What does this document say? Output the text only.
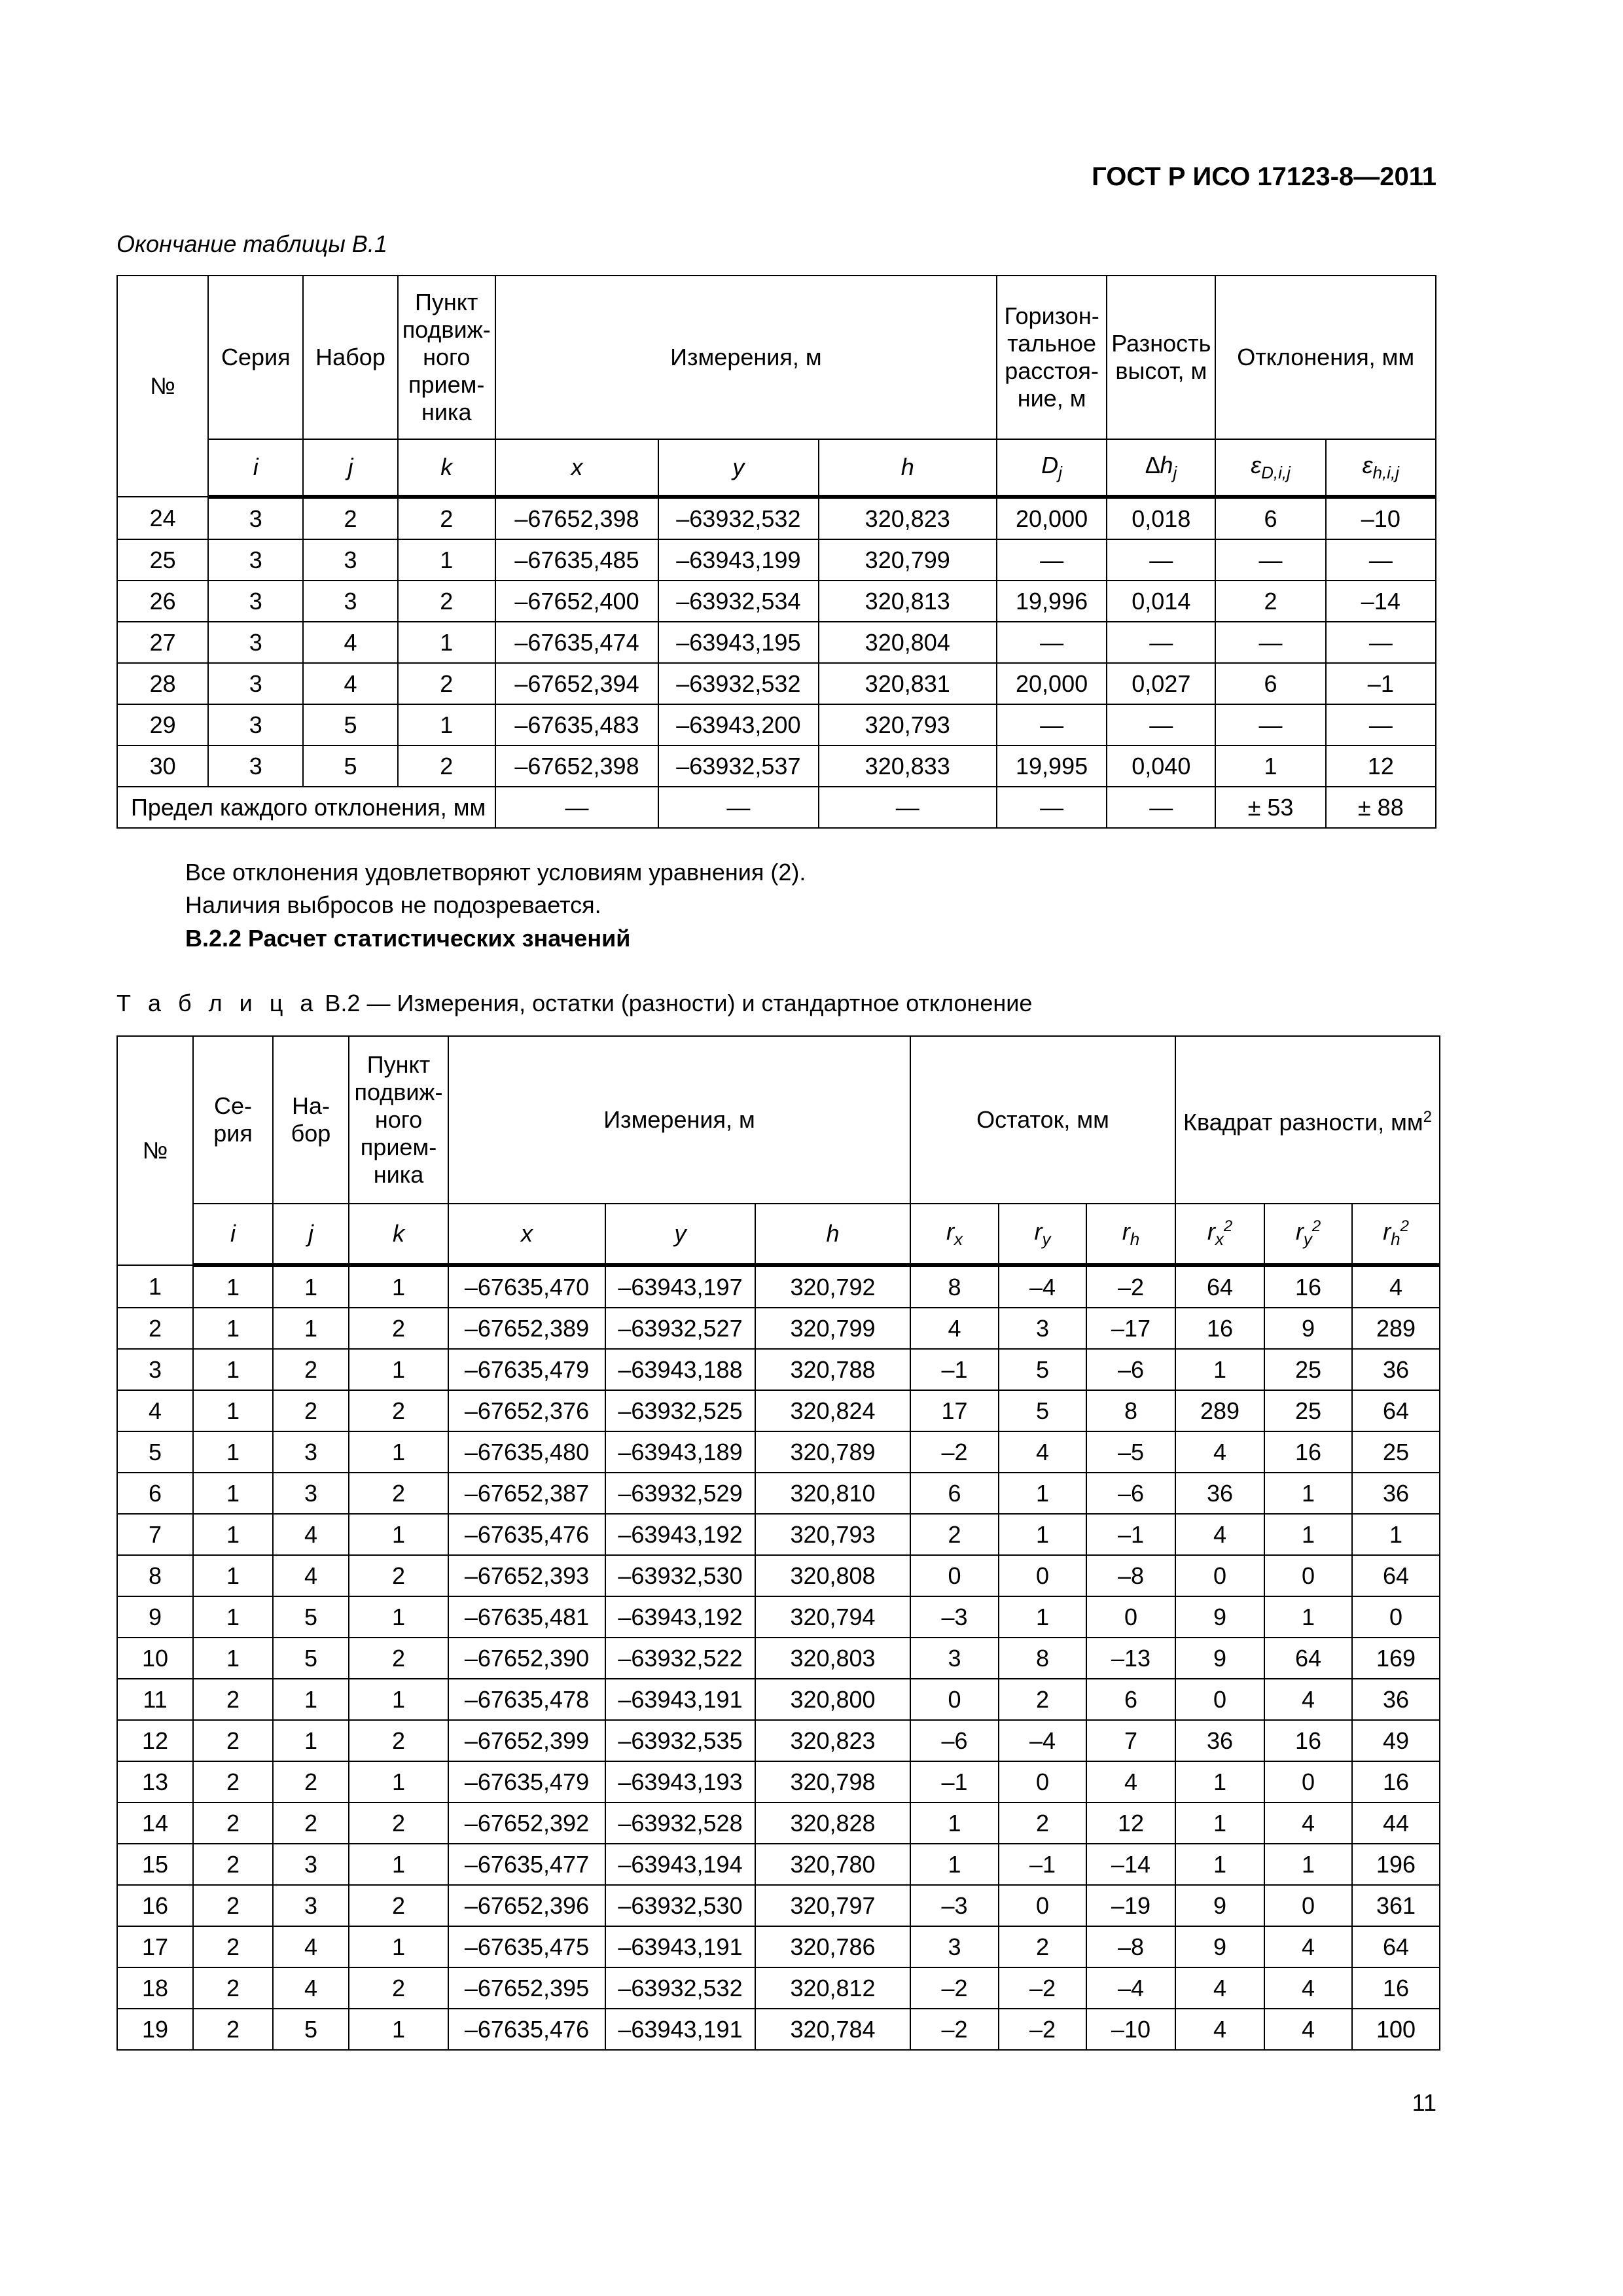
ГОСТ Р ИСО 17123-8—2011
Окончание таблицы В.1
№	Серия	Набор	Пункт подвиж-ного прием-ника	Измерения, м			Горизон-тальное расстоя-ние, м	Разность высот, м	Отклонения, мм	
	i	j	k	x	y	h	$D_j$	$\Delta h_j$	$\varepsilon_{D,i,j}$	$\varepsilon_{h,i,j}$
24	3	2	2	–67652,398	–63932,532	320,823	20,000	0,018	6	–10
25	3	3	1	–67635,485	–63943,199	320,799	—	—	—	—
26	3	3	2	–67652,400	–63932,534	320,813	19,996	0,014	2	–14
27	3	4	1	–67635,474	–63943,195	320,804	—	—	—	—
28	3	4	2	–67652,394	–63932,532	320,831	20,000	0,027	6	–1
29	3	5	1	–67635,483	–63943,200	320,793	—	—	—	—
30	3	5	2	–67652,398	–63932,537	320,833	19,995	0,040	1	12
Предел каждого отклонения, мм				—	—	—	—	—	± 53	± 88
Все отклонения удовлетворяют условиям уравнения (2).
Наличия выбросов не подозревается.
В.2.2 Расчет статистических значений
Т а б л и ц а В.2 — Измерения, остатки (разности) и стандартное отклонение
№	Се-рия	На-бор	Пункт подвиж-ного прием-ника	Измерения, м			Остаток, мм			Квадрат разности, $мм^2$
	i	j	k	x	y	h	$r_x$	$r_y$	$r_h$	$r_x^2$	$r_y^2$	$r_h^2$
1	1	1	1	–67635,470	–63943,197	320,792	8	–4	–2	64	16	4
2	1	1	2	–67652,389	–63932,527	320,799	4	3	–17	16	9	289
3	1	2	1	–67635,479	–63943,188	320,788	–1	5	–6	1	25	36
4	1	2	2	–67652,376	–63932,525	320,824	17	5	8	289	25	64
5	1	3	1	–67635,480	–63943,189	320,789	–2	4	–5	4	16	25
6	1	3	2	–67652,387	–63932,529	320,810	6	1	–6	36	1	36
7	1	4	1	–67635,476	–63943,192	320,793	2	1	–1	4	1	1
8	1	4	2	–67652,393	–63932,530	320,808	0	0	–8	0	0	64
9	1	5	1	–67635,481	–63943,192	320,794	–3	1	0	9	1	0
10	1	5	2	–67652,390	–63932,522	320,803	3	8	–13	9	64	169
11	2	1	1	–67635,478	–63943,191	320,800	0	2	6	0	4	36
12	2	1	2	–67652,399	–63932,535	320,823	–6	–4	7	36	16	49
13	2	2	1	–67635,479	–63943,193	320,798	–1	0	4	1	0	16
14	2	2	2	–67652,392	–63932,528	320,828	1	2	12	1	4	44
15	2	3	1	–67635,477	–63943,194	320,780	1	–1	–14	1	1	196
16	2	3	2	–67652,396	–63932,530	320,797	–3	0	–19	9	0	361
17	2	4	1	–67635,475	–63943,191	320,786	3	2	–8	9	4	64
18	2	4	2	–67652,395	–63932,532	320,812	–2	–2	–4	4	4	16
19	2	5	1	–67635,476	–63943,191	320,784	–2	–2	–10	4	4	100
11
